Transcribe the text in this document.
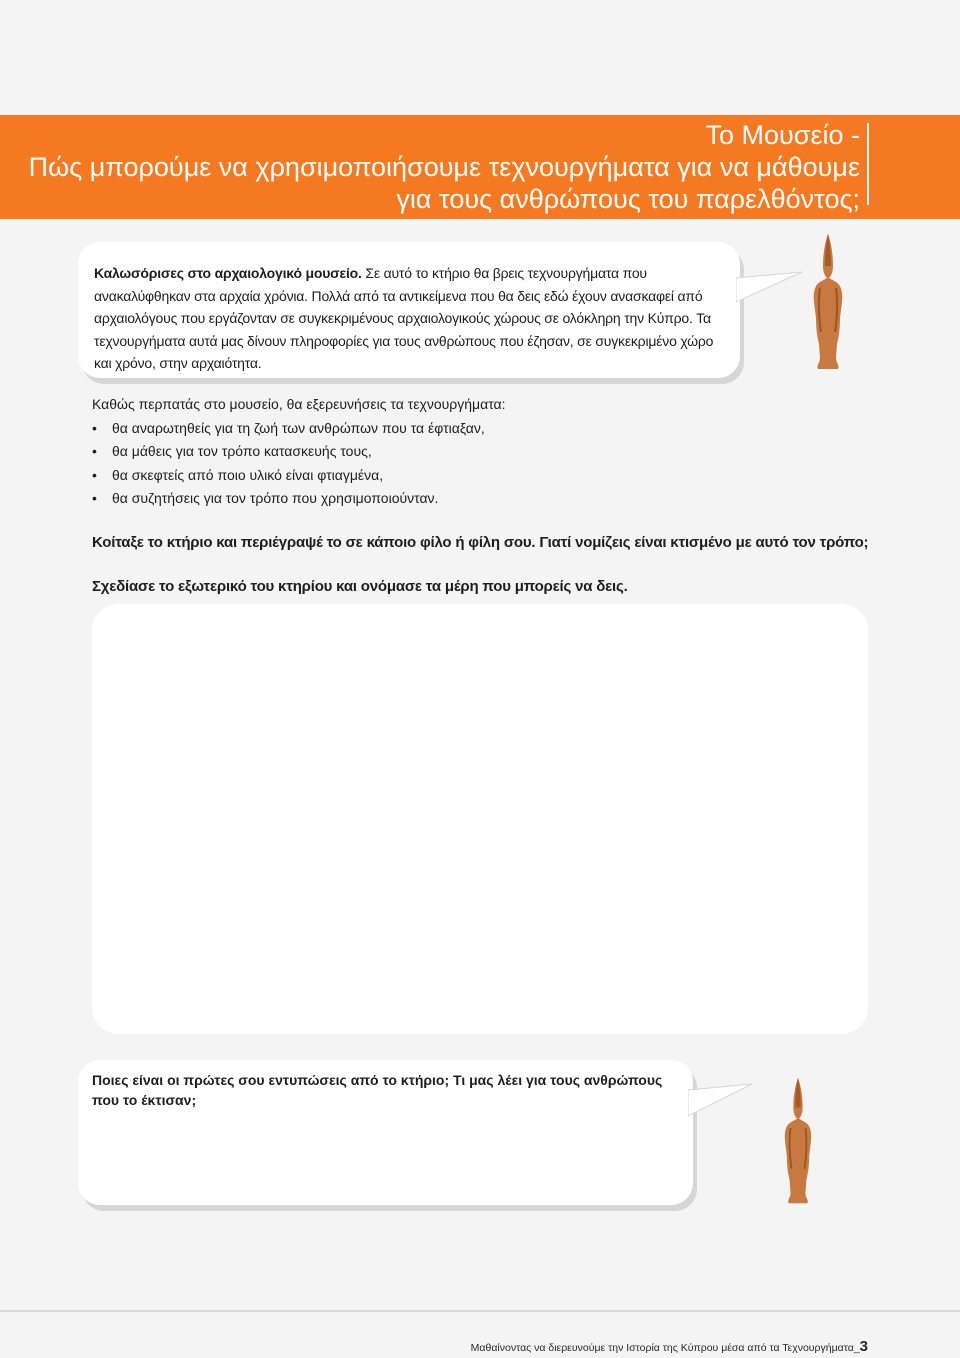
Το Μουσείο -
Πώς μπορούμε να χρησιμοποιήσουμε τεχνουργήματα για να μάθουμε
για τους ανθρώπους του παρελθόντος;

Καλωσόρισες στο αρχαιολογικό μουσείο. Σε αυτό το κτήριο θα βρεις τεχνουργήματα που ανακαλύφθηκαν στα αρχαία χρόνια. Πολλά από τα αντικείμενα που θα δεις εδώ έχουν ανασκαφεί από αρχαιολόγους που εργάζονταν σε συγκεκριμένους αρχαιολογικούς χώρους σε ολόκληρη την Κύπρο. Τα τεχνουργήματα αυτά μας δίνουν πληροφορίες για τους ανθρώπους που έζησαν, σε συγκεκριμένο χώρο και χρόνο, στην αρχαιότητα.

Καθώς περπατάς στο μουσείο, θα εξερευνήσεις τα τεχνουργήματα:
• θα αναρωτηθείς για τη ζωή των ανθρώπων που τα έφτιαξαν,
• θα μάθεις για τον τρόπο κατασκευής τους,
• θα σκεφτείς από ποιο υλικό είναι φτιαγμένα,
• θα συζητήσεις για τον τρόπο που χρησιμοποιούνταν.
Κοίταξε το κτήριο και περιέγραψέ το σε κάποιο φίλο ή φίλη σου. Γιατί νομίζεις είναι κτισμένο με αυτό τον τρόπο;
Σχεδίασε το εξωτερικό του κτηρίου και ονόμασε τα μέρη που μπορείς να δεις.

Ποιες είναι οι πρώτες σου εντυπώσεις από το κτήριο; Τι μας λέει για τους ανθρώπους που το έκτισαν;

Μαθαίνοντας να διερευνούμε την Ιστορία της Κύπρου μέσα από τα Τεχνουργήματα_3
